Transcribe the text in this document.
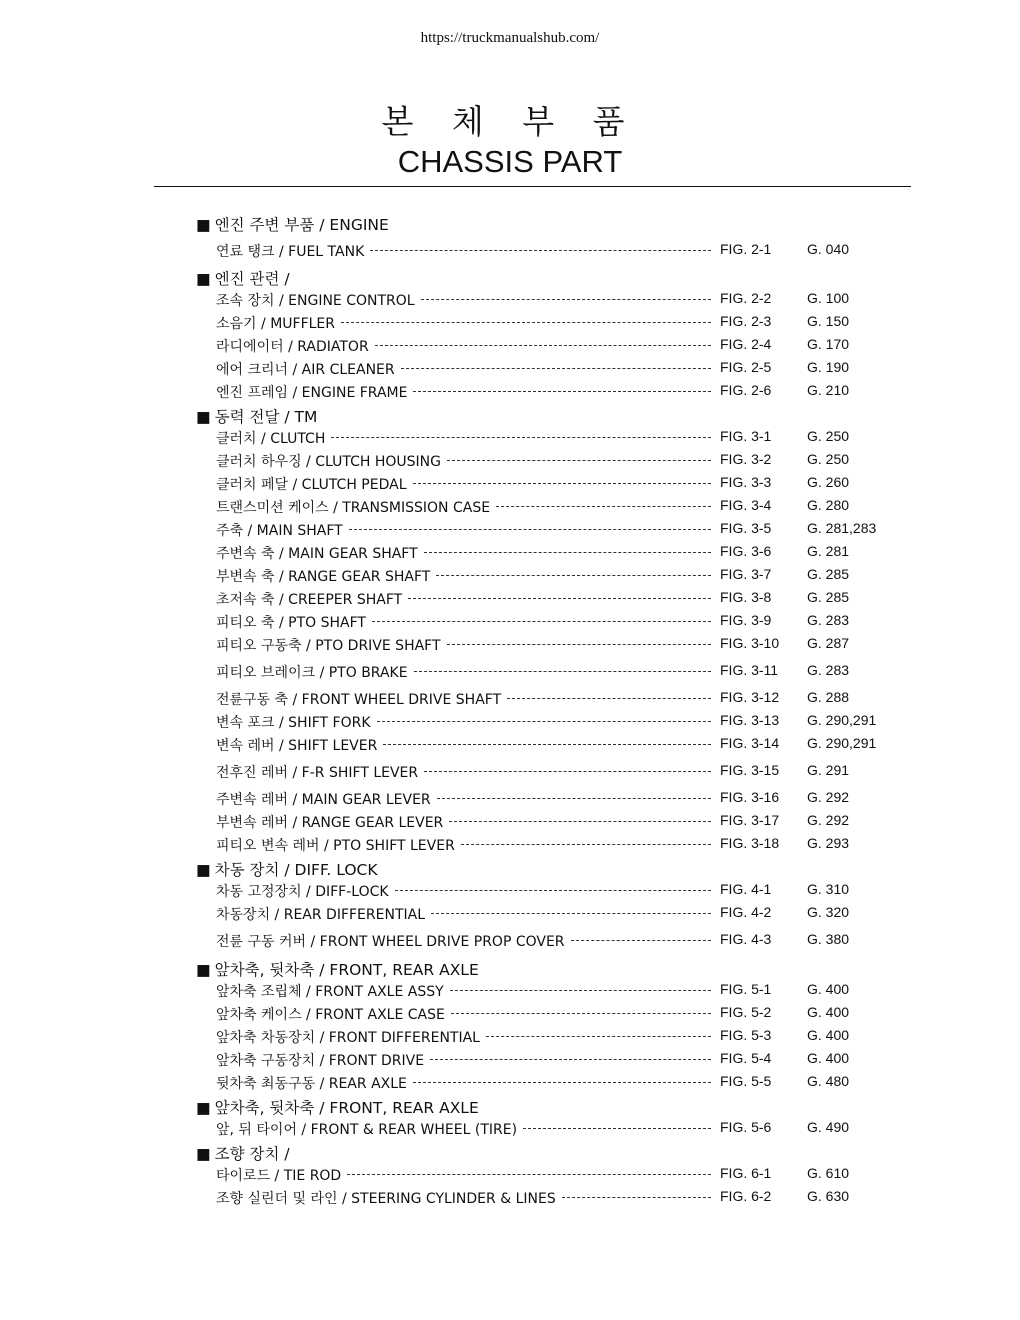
https://truckmanualshub.com/
본 체 부 품
CHASSIS PART
■ 엔진 주변 부품 / ENGINE
연료 탱크 / FUEL TANK	FIG. 2-1	G. 040
■ 엔진 관련 /
조속 장치 / ENGINE CONTROL	FIG. 2-2	G. 100
소음기 / MUFFLER	FIG. 2-3	G. 150
라디에이터 / RADIATOR	FIG. 2-4	G. 170
에어 크리너 / AIR CLEANER	FIG. 2-5	G. 190
엔진 프레임 / ENGINE FRAME	FIG. 2-6	G. 210
■ 동력 전달 / TM
클러치 / CLUTCH	FIG. 3-1	G. 250
클러치 하우징 / CLUTCH HOUSING	FIG. 3-2	G. 250
클러치 페달 / CLUTCH PEDAL	FIG. 3-3	G. 260
트랜스미션 케이스 / TRANSMISSION CASE	FIG. 3-4	G. 280
주축 / MAIN SHAFT	FIG. 3-5	G. 281,283
주변속 축 / MAIN GEAR SHAFT	FIG. 3-6	G. 281
부변속 축 / RANGE GEAR SHAFT	FIG. 3-7	G. 285
초저속 축 / CREEPER SHAFT	FIG. 3-8	G. 285
피티오 축 / PTO SHAFT	FIG. 3-9	G. 283
피티오 구동축 / PTO DRIVE SHAFT	FIG. 3-10 G. 287
피티오 브레이크 / PTO BRAKE	FIG. 3-11 G. 283
전륜구동 축 / FRONT WHEEL DRIVE SHAFT	FIG. 3-12 G. 288
변속 포크 / SHIFT FORK	FIG. 3-13 G. 290,291
변속 레버 / SHIFT LEVER	FIG. 3-14 G. 290,291
전후진 레버 / F-R SHIFT LEVER	FIG. 3-15 G. 291
주변속 레버 / MAIN GEAR LEVER	FIG. 3-16 G. 292
부변속 레버 / RANGE GEAR LEVER	FIG. 3-17 G. 292
피티오 변속 레버 / PTO SHIFT LEVER	FIG. 3-18 G. 293
■ 차동 장치 / DIFF. LOCK
차동 고정장치 / DIFF-LOCK	FIG. 4-1	G. 310
차동장치 / REAR DIFFERENTIAL	FIG. 4-2	G. 320
전륜 구동 커버 / FRONT WHEEL DRIVE PROP COVER	FIG. 4-3	G. 380
■ 앞차축, 뒷차축 / FRONT, REAR AXLE
앞차축 조립체 / FRONT AXLE ASSY	FIG. 5-1	G. 400
앞차축 케이스 / FRONT AXLE CASE	FIG. 5-2	G. 400
앞차축 차동장치 / FRONT DIFFERENTIAL	FIG. 5-3	G. 400
앞차축 구동장치 / FRONT DRIVE	FIG. 5-4	G. 400
뒷차축 최동구동 / REAR AXLE	FIG. 5-5	G. 480
■ 앞차축, 뒷차축 / FRONT, REAR AXLE
앞, 뒤 타이어 / FRONT & REAR WHEEL (TIRE)	FIG. 5-6	G. 490
■ 조향 장치 /
타이로드 / TIE ROD	FIG. 6-1	G. 610
조향 실린더 및 라인 / STEERING CYLINDER & LINES	FIG. 6-2	G. 630
